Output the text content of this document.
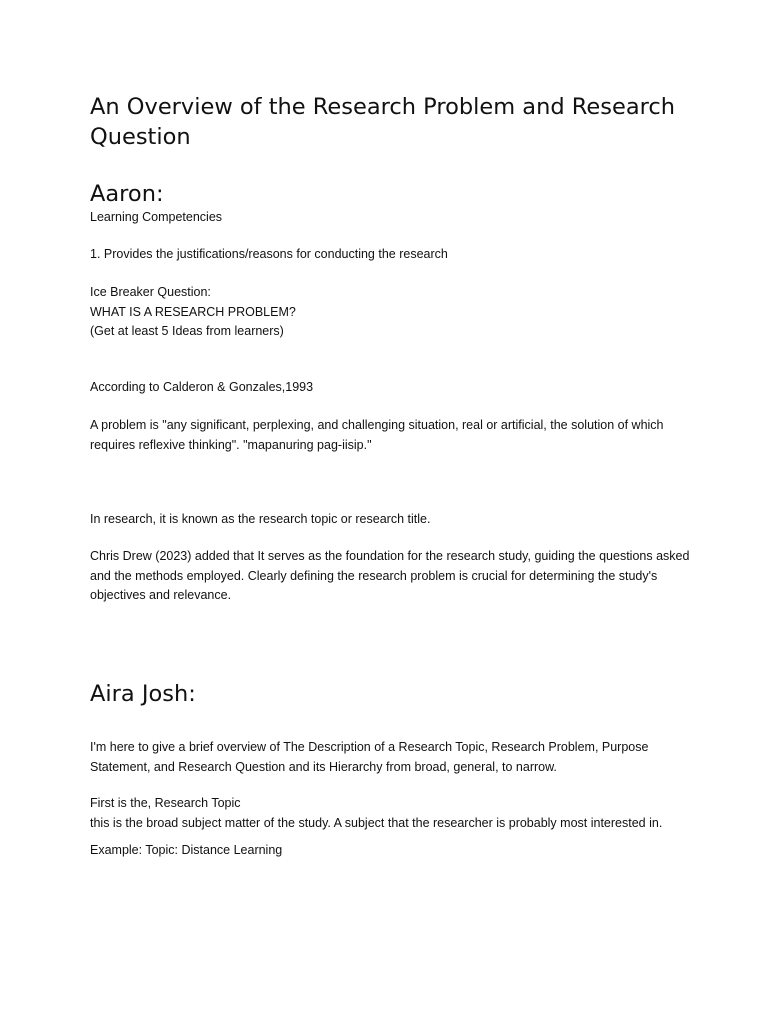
An Overview of the Research Problem and Research Question
Aaron:

Learning Competencies

1. Provides the justifications/reasons for conducting the research

Ice Breaker Question:
WHAT IS A RESEARCH PROBLEM?
(Get at least 5 Ideas from learners)

According to Calderon & Gonzales,1993

A problem is "any significant, perplexing, and challenging situation, real or artificial, the solution of which requires reflexive thinking". "mapanuring pag-iisip."

In research, it is known as the research topic or research title.

Chris Drew (2023) added that It serves as the foundation for the research study, guiding the questions asked and the methods employed. Clearly defining the research problem is crucial for determining the study's objectives and relevance.

Aira Josh:

I'm here to give a brief overview of The Description of a Research Topic, Research Problem, Purpose Statement, and Research Question and its Hierarchy from broad, general, to narrow.

First is the, Research Topic
this is the broad subject matter of the study. A subject that the researcher is probably most interested in.

Example: Topic: Distance Learning
